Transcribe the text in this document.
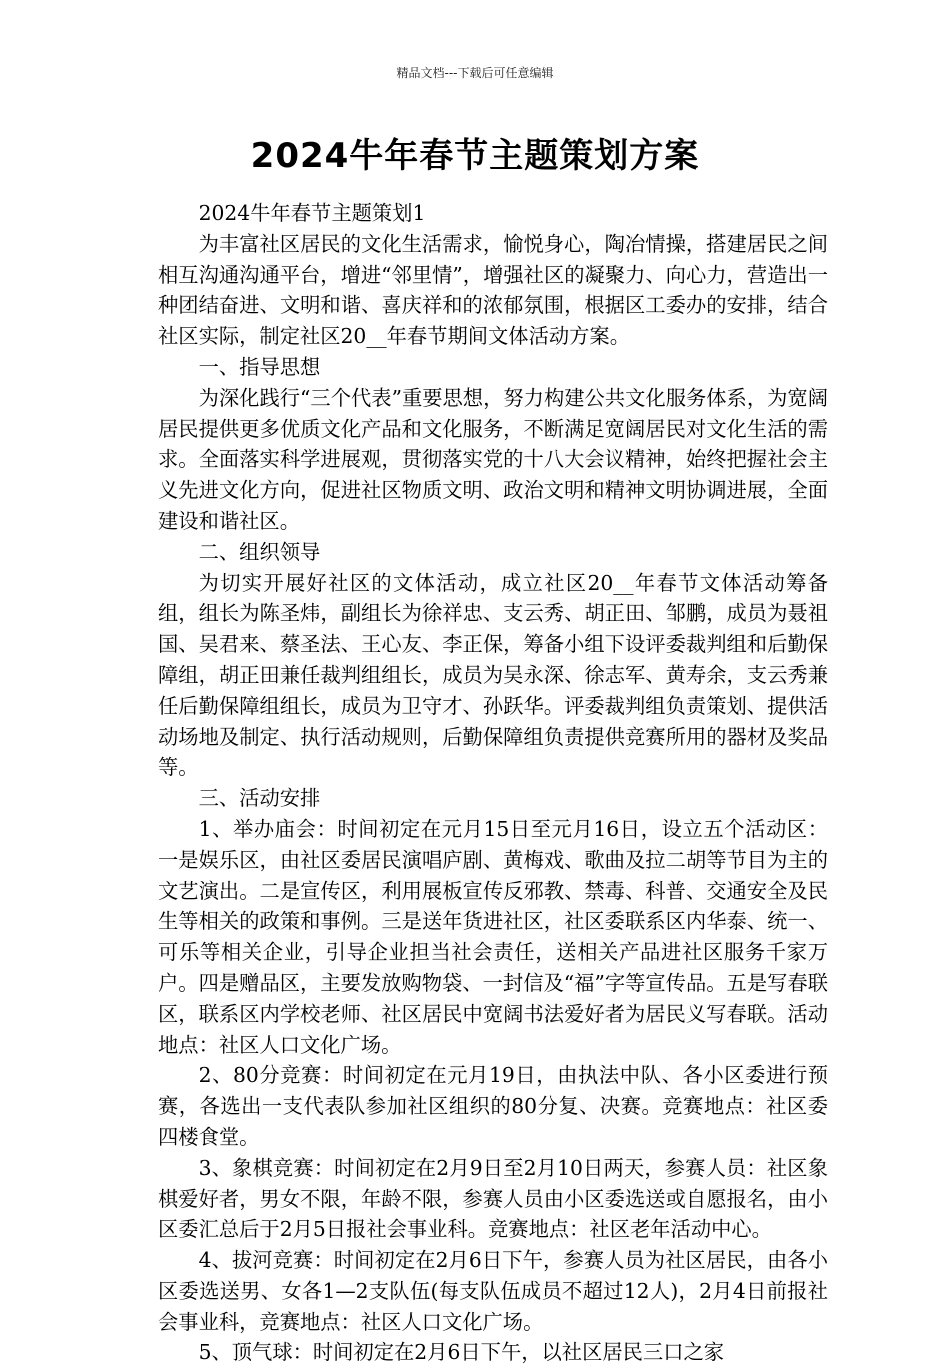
精品文档---下载后可任意编辑
2024牛年春节主题策划方案

2024牛年春节主题策划1

为丰富社区居民的文化生活需求，愉悦身心，陶冶情操，搭建居民之间相互沟通沟通平台，增进“邻里情”，增强社区的凝聚力、向心力，营造出一种团结奋进、文明和谐、喜庆祥和的浓郁氛围，根据区工委办的安排，结合社区实际，制定社区20__年春节期间文体活动方案。

一、指导思想

为深化践行“三个代表”重要思想，努力构建公共文化服务体系，为宽阔居民提供更多优质文化产品和文化服务，不断满足宽阔居民对文化生活的需求。全面落实科学进展观，贯彻落实党的十八大会议精神，始终把握社会主义先进文化方向，促进社区物质文明、政治文明和精神文明协调进展，全面建设和谐社区。

二、组织领导

为切实开展好社区的文体活动，成立社区20__年春节文体活动筹备组，组长为陈圣炜，副组长为徐祥忠、支云秀、胡正田、邹鹏，成员为聂祖国、吴君来、蔡圣法、王心友、李正保，筹备小组下设评委裁判组和后勤保障组，胡正田兼任裁判组组长，成员为吴永深、徐志军、黄寿余，支云秀兼任后勤保障组组长，成员为卫守才、孙跃华。评委裁判组负责策划、提供活动场地及制定、执行活动规则，后勤保障组负责提供竞赛所用的器材及奖品等。

三、活动安排

1、举办庙会：时间初定在元月15日至元月16日，设立五个活动区：一是娱乐区，由社区委居民演唱庐剧、黄梅戏、歌曲及拉二胡等节目为主的文艺演出。二是宣传区，利用展板宣传反邪教、禁毒、科普、交通安全及民生等相关的政策和事例。三是送年货进社区，社区委联系区内华泰、统一、可乐等相关企业，引导企业担当社会责任，送相关产品进社区服务千家万户。四是赠品区，主要发放购物袋、一封信及“福”字等宣传品。五是写春联区，联系区内学校老师、社区居民中宽阔书法爱好者为居民义写春联。活动地点：社区人口文化广场。

2、80分竞赛：时间初定在元月19日，由执法中队、各小区委进行预赛，各选出一支代表队参加社区组织的80分复、决赛。竞赛地点：社区委四楼食堂。

3、象棋竞赛：时间初定在2月9日至2月10日两天，参赛人员：社区象棋爱好者，男女不限，年龄不限，参赛人员由小区委选送或自愿报名，由小区委汇总后于2月5日报社会事业科。竞赛地点：社区老年活动中心。

4、拔河竞赛：时间初定在2月6日下午，参赛人员为社区居民，由各小区委选送男、女各1—2支队伍(每支队伍成员不超过12人)，2月4日前报社会事业科，竞赛地点：社区人口文化广场。

5、顶气球：时间初定在2月6日下午，以社区居民三口之家
